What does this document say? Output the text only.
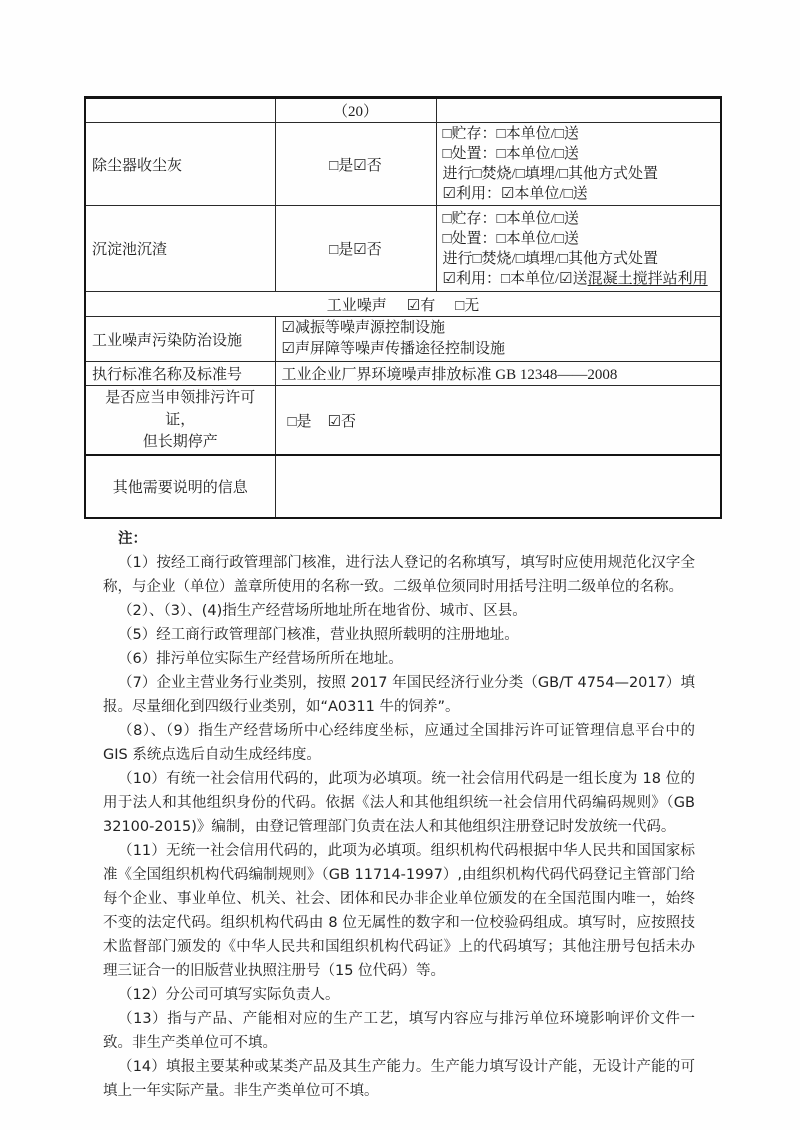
	（20）	
除尘器收尘灰	□是☑否	□贮存：□本单位/□送
□处置：□本单位/□送
进行□焚烧/□填埋/□其他方式处置
☑利用：☑本单位/□送

沉淀池沉渣	□是☑否	□贮存：□本单位/□送
□处置：□本单位/□送
进行□焚烧/□填埋/□其他方式处置
☑利用：□本单位/☑送混凝土搅拌站利用

工业噪声 ☑有 □无		
工业噪声污染防治设施	☑减振等噪声源控制设施
☑声屏障等噪声传播途径控制设施	

执行标准名称及标准号	工业企业厂界环境噪声排放标准 GB 12348——2008	

是否应当申领排污许可证，
但长期停产	□是 ☑否	
其他需要说明的信息		

注：

（1）按经工商行政管理部门核准，进行法人登记的名称填写，填写时应使用规范化汉字全称，与企业（单位）盖章所使用的名称一致。二级单位须同时用括号注明二级单位的名称。

（2）、（3）、(4)指生产经营场所地址所在地省份、城市、区县。

（5）经工商行政管理部门核准，营业执照所载明的注册地址。

（6）排污单位实际生产经营场所所在地址。

（7）企业主营业务行业类别，按照 2017 年国民经济行业分类（GB/T 4754—2017）填报。尽量细化到四级行业类别，如“A0311 牛的饲养”。

（8）、（9）指生产经营场所中心经纬度坐标，应通过全国排污许可证管理信息平台中的 GIS 系统点选后自动生成经纬度。

（10）有统一社会信用代码的，此项为必填项。统一社会信用代码是一组长度为 18 位的用于法人和其他组织身份的代码。依据《法人和其他组织统一社会信用代码编码规则》（GB 32100-2015)》编制，由登记管理部门负责在法人和其他组织注册登记时发放统一代码。

（11）无统一社会信用代码的，此项为必填项。组织机构代码根据中华人民共和国国家标准《全国组织机构代码编制规则》（GB 11714-1997）,由组织机构代码代码登记主管部门给每个企业、事业单位、机关、社会、团体和民办非企业单位颁发的在全国范围内唯一，始终不变的法定代码。组织机构代码由 8 位无属性的数字和一位校验码组成。填写时，应按照技术监督部门颁发的《中华人民共和国组织机构代码证》上的代码填写；其他注册号包括未办理三证合一的旧版营业执照注册号（15 位代码）等。

（12）分公司可填写实际负责人。

（13）指与产品、产能相对应的生产工艺，填写内容应与排污单位环境影响评价文件一致。非生产类单位可不填。

（14）填报主要某种或某类产品及其生产能力。生产能力填写设计产能，无设计产能的可填上一年实际产量。非生产类单位可不填。
